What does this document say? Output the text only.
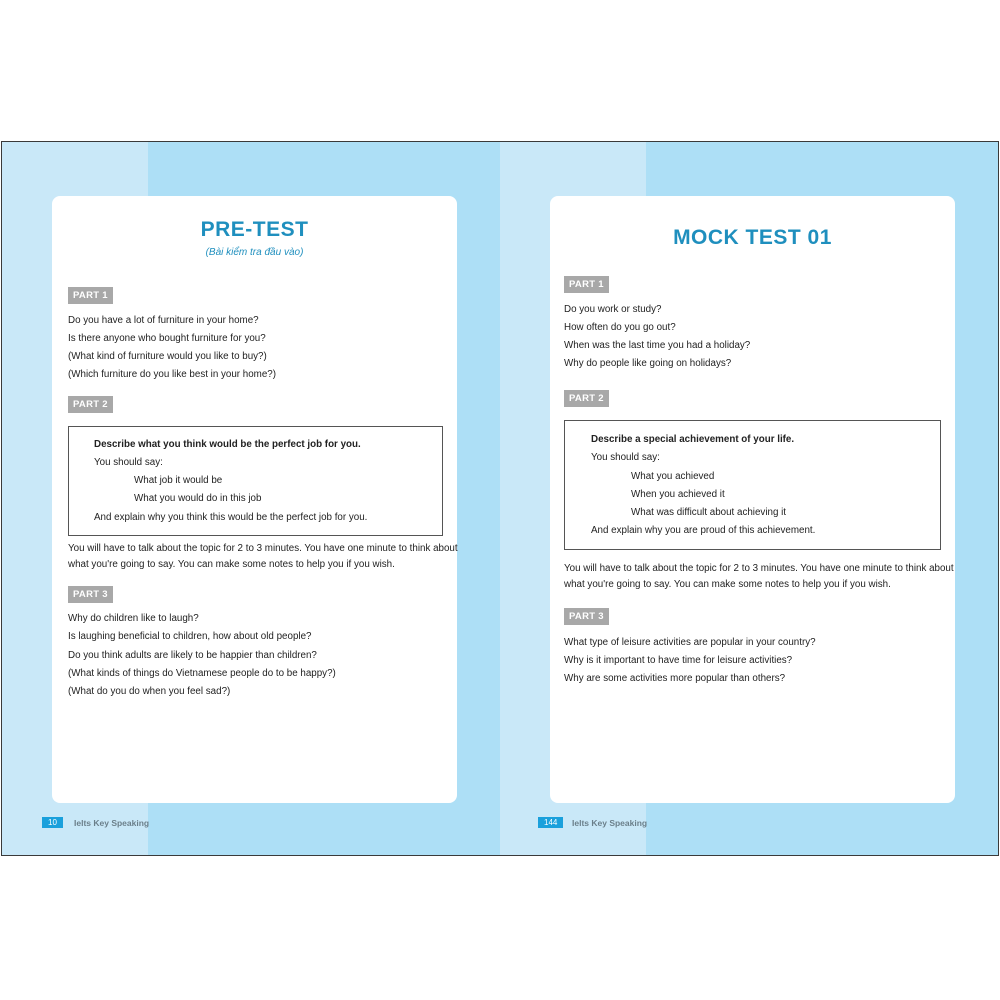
PRE-TEST
(Bài kiểm tra đầu vào)
PART 1
Do you have a lot of furniture in your home?
Is there anyone who bought furniture for you?
(What kind of furniture would you like to buy?)
(Which furniture do you like best in your home?)
PART 2
Describe what you think would be the perfect job for you.
You should say:
What job it would be
What you would do in this job
And explain why you think this would be the perfect job for you.
You will have to talk about the topic for 2 to 3 minutes. You have one minute to think about
what you're going to say. You can make some notes to help you if you wish.
PART 3
Why do children like to laugh?
Is laughing beneficial to children, how about old people?
Do you think adults are likely to be happier than children?
(What kinds of things do Vietnamese people do to be happy?)
(What do you do when you feel sad?)
10	Ielts Key Speaking
MOCK TEST 01
PART 1
Do you work or study?
How often do you go out?
When was the last time you had a holiday?
Why do people like going on holidays?
PART 2
Describe a special achievement of your life.
You should say:
What you achieved
When you achieved it
What was difficult about achieving it
And explain why you are proud of this achievement.
You will have to talk about the topic for 2 to 3 minutes. You have one minute to think about
what you're going to say. You can make some notes to help you if you wish.
PART 3
What type of leisure activities are popular in your country?
Why is it important to have time for leisure activities?
Why are some activities more popular than others?
144	Ielts Key Speaking
